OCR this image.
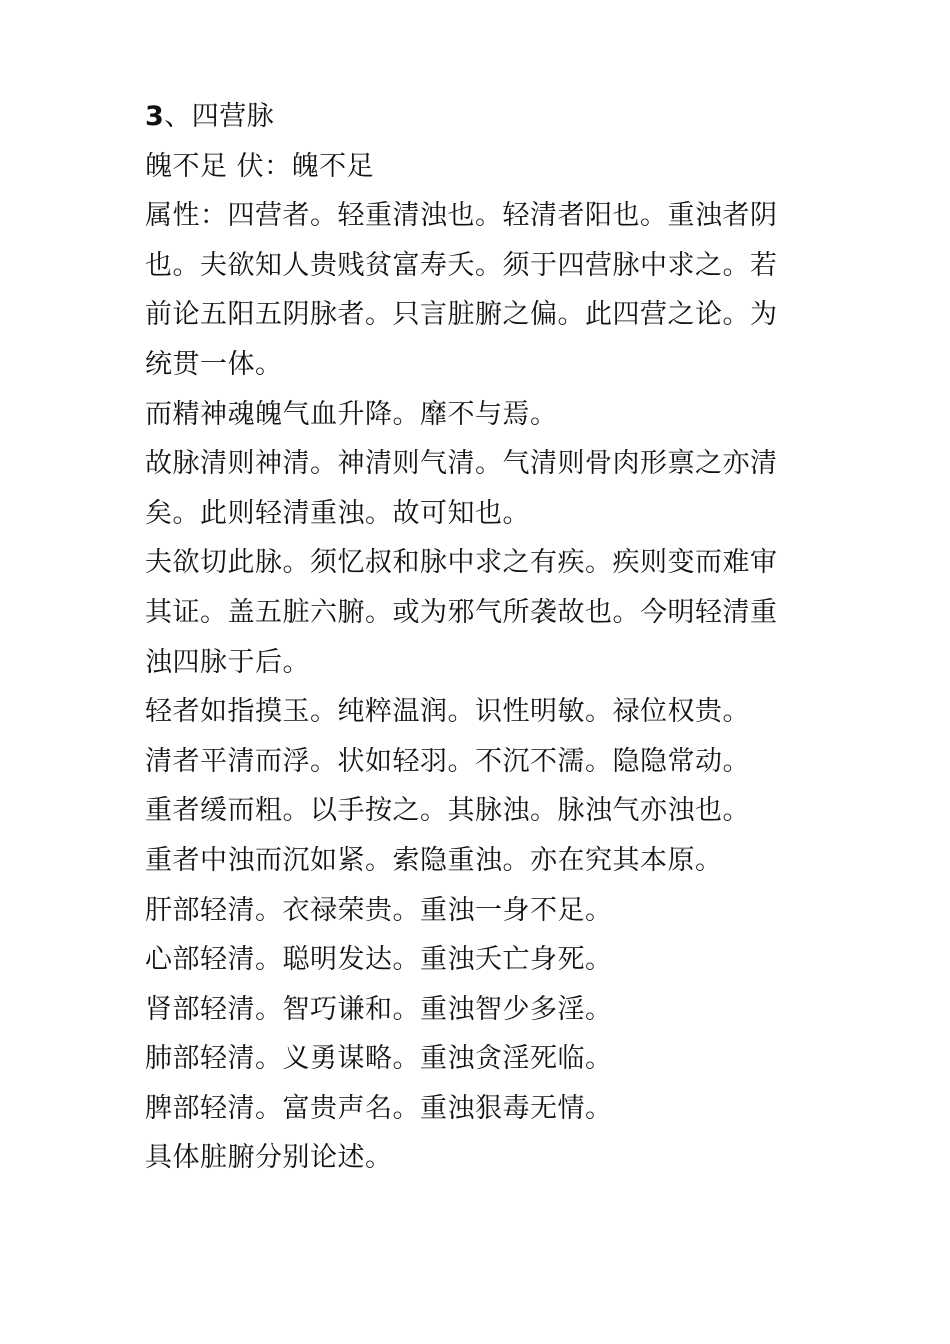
3、四营脉
魄不足 伏：魄不足
属性：四营者。轻重清浊也。轻清者阳也。重浊者阴
也。夫欲知人贵贱贫富寿夭。须于四营脉中求之。若
前论五阳五阴脉者。只言脏腑之偏。此四营之论。为
统贯一体。
而精神魂魄气血升降。靡不与焉。
故脉清则神清。神清则气清。气清则骨肉形禀之亦清
矣。此则轻清重浊。故可知也。
夫欲切此脉。须忆叔和脉中求之有疾。疾则变而难审
其证。盖五脏六腑。或为邪气所袭故也。今明轻清重
浊四脉于后。
轻者如指摸玉。纯粹温润。识性明敏。禄位权贵。
清者平清而浮。状如轻羽。不沉不濡。隐隐常动。
重者缓而粗。以手按之。其脉浊。脉浊气亦浊也。
重者中浊而沉如紧。索隐重浊。亦在究其本原。
肝部轻清。衣禄荣贵。重浊一身不足。
心部轻清。聪明发达。重浊夭亡身死。
肾部轻清。智巧谦和。重浊智少多淫。
肺部轻清。义勇谋略。重浊贪淫死临。
脾部轻清。富贵声名。重浊狠毒无情。
具体脏腑分别论述。
